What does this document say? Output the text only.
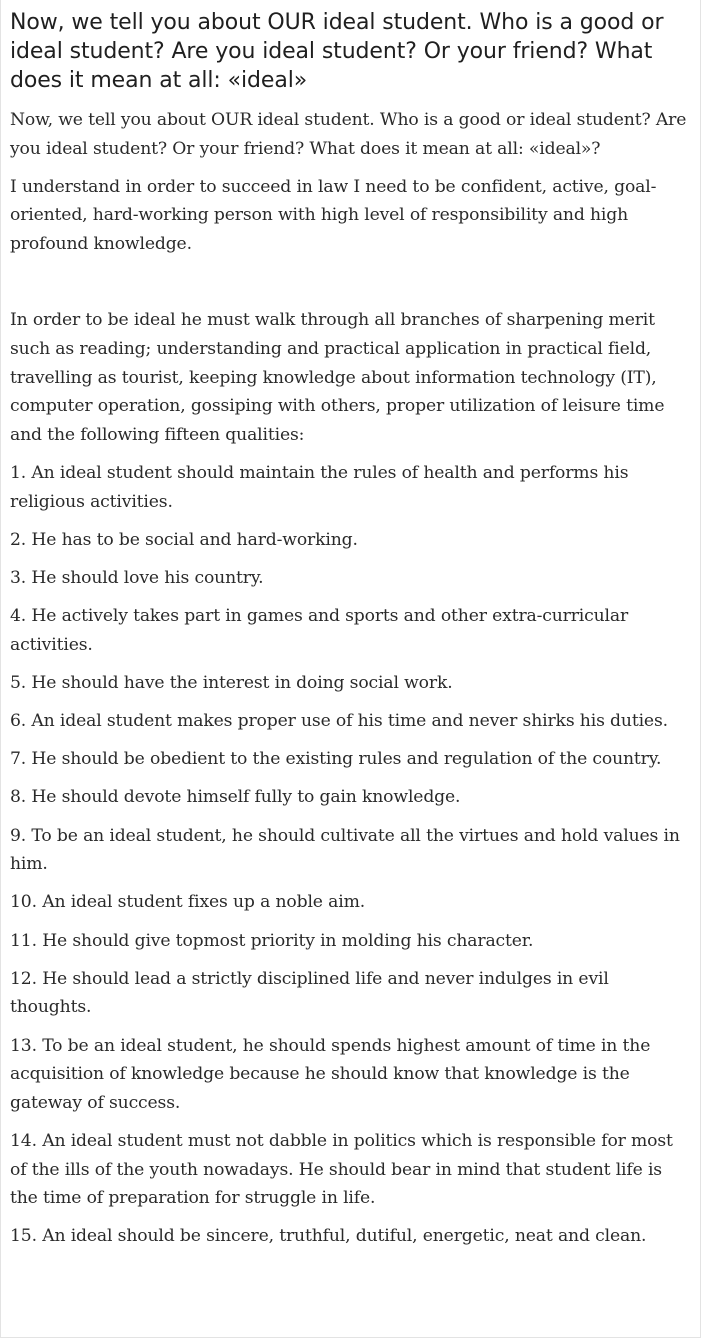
Now, we tell you about OUR ideal student. Who is a good or ideal student? Are you ideal student? Or your friend? What does it mean at all: «ideal»

Now, we tell you about OUR ideal student. Who is a good or ideal student? Are you ideal student? Or your friend? What does it mean at all: «ideal»?

I understand in order to succeed in law I need to be confident, active, goal-oriented, hard-working person with high level of responsibility and high profound knowledge.

In order to be ideal he must walk through all branches of sharpening merit such as reading; understanding and practical application in practical field, travelling as tourist, keeping knowledge about information technology (IT), computer operation, gossiping with others, proper utilization of leisure time and the following fifteen qualities:

1. An ideal student should maintain the rules of health and performs his religious activities.

2. He has to be social and hard-working.

3. He should love his country.

4. He actively takes part in games and sports and other extra-curricular activities.

5. He should have the interest in doing social work.

6. An ideal student makes proper use of his time and never shirks his duties.

7. He should be obedient to the existing rules and regulation of the country.

8. He should devote himself fully to gain knowledge.

9. To be an ideal student, he should cultivate all the virtues and hold values in him.

10. An ideal student fixes up a noble aim.

11. He should give topmost priority in molding his character.

12. He should lead a strictly disciplined life and never indulges in evil thoughts.

13. To be an ideal student, he should spends highest amount of time in the acquisition of knowledge because he should know that knowledge is the gateway of success.

14. An ideal student must not dabble in politics which is responsible for most of the ills of the youth nowadays. He should bear in mind that student life is the time of preparation for struggle in life.

15. An ideal should be sincere, truthful, dutiful, energetic, neat and clean.
